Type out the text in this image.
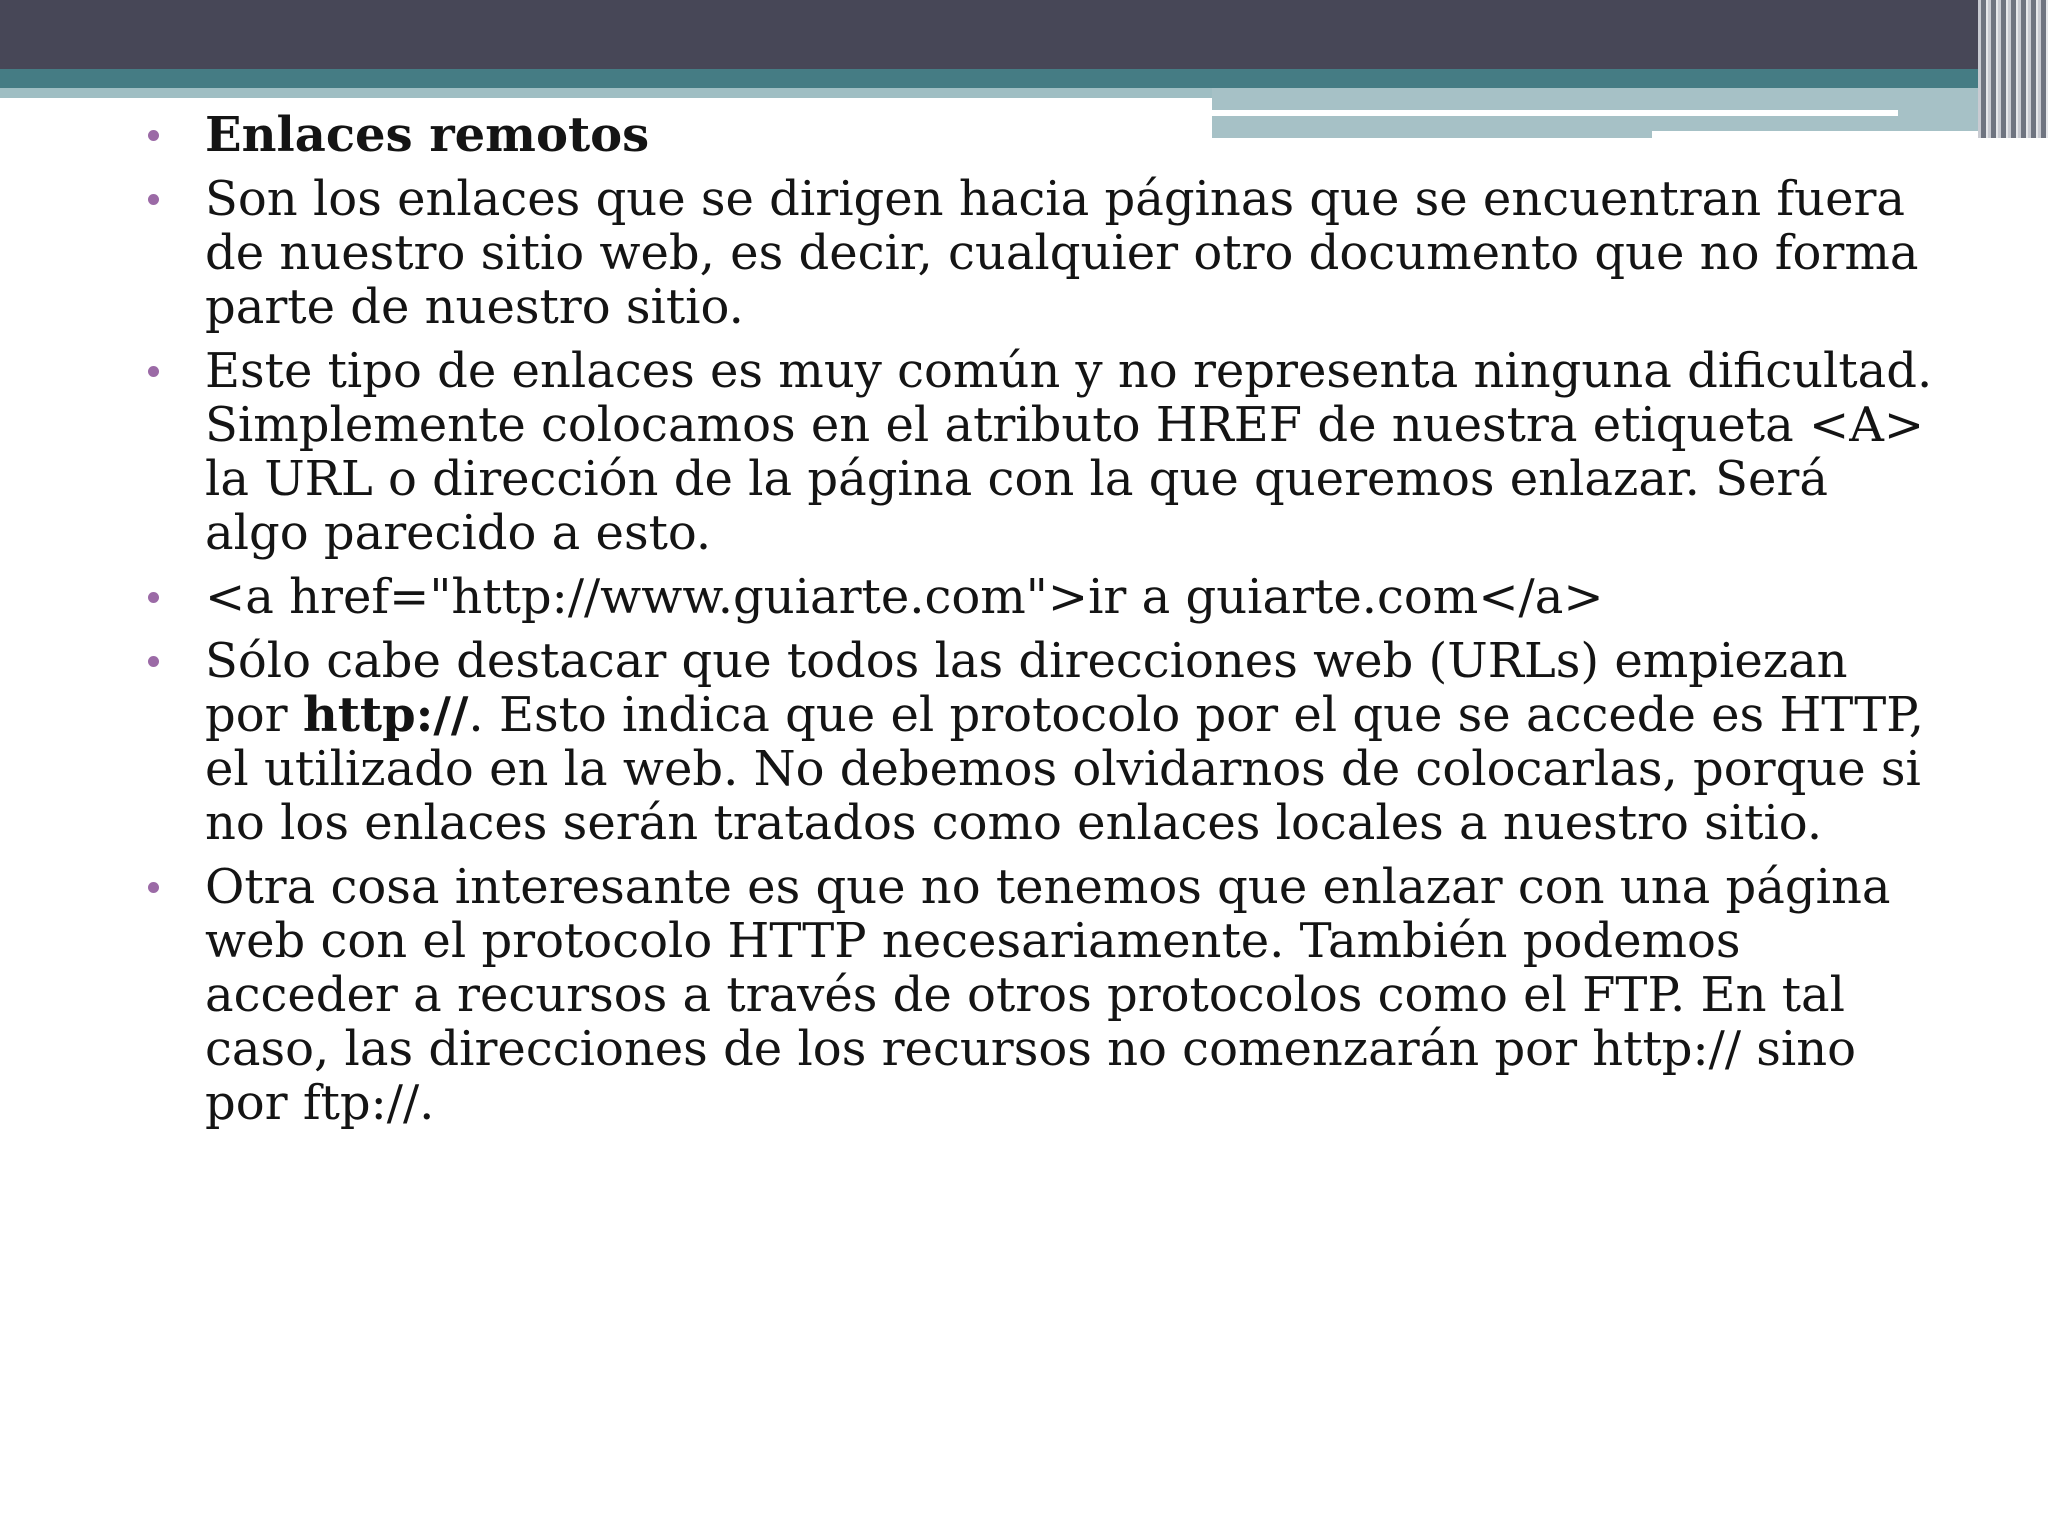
Enlaces remotos
Son los enlaces que se dirigen hacia páginas que se encuentran fuera de nuestro sitio web, es decir, cualquier otro documento que no forma parte de nuestro sitio.
Este tipo de enlaces es muy común y no representa ninguna dificultad. Simplemente colocamos en el atributo HREF de nuestra etiqueta <A> la URL o dirección de la página con la que queremos enlazar. Será algo parecido a esto.
<a href="http://www.guiarte.com">ir a guiarte.com</a>
Sólo cabe destacar que todos las direcciones web (URLs) empiezan por http://. Esto indica que el protocolo por el que se accede es HTTP, el utilizado en la web. No debemos olvidarnos de colocarlas, porque si no los enlaces serán tratados como enlaces locales a nuestro sitio.
Otra cosa interesante es que no tenemos que enlazar con una página web con el protocolo HTTP necesariamente. También podemos acceder a recursos a través de otros protocolos como el FTP. En tal caso, las direcciones de los recursos no comenzarán por http:// sino por ftp://.
